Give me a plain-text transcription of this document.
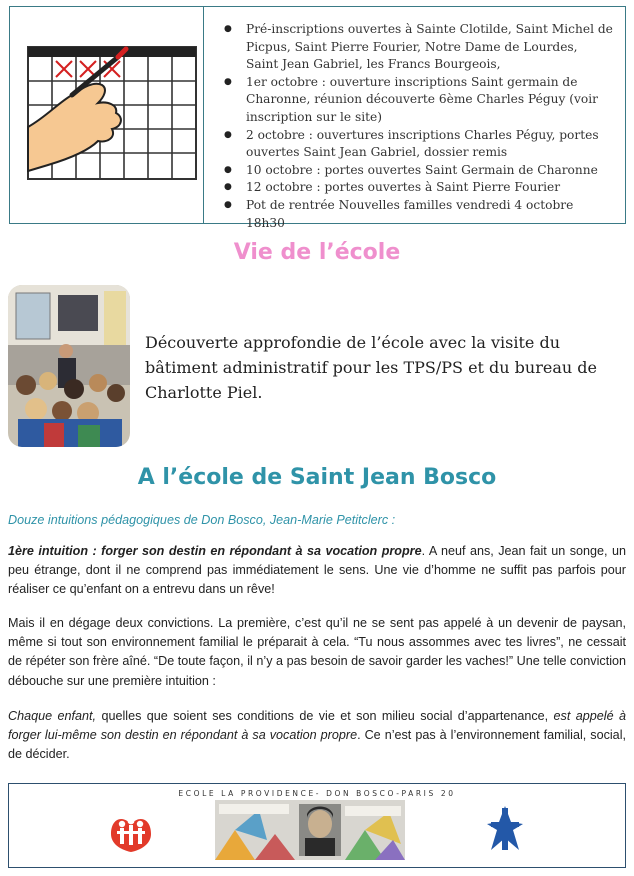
● Pré-inscriptions ouvertes à Sainte Clotilde, Saint Michel de Picpus, Saint Pierre Fourier, Notre Dame de Lourdes, Saint Jean Gabriel, les Francs Bourgeois,
● 1er octobre : ouverture inscriptions Saint germain de Charonne, réunion découverte 6ème Charles Péguy (voir inscription sur le site)
● 2 octobre : ouvertures inscriptions Charles Péguy, portes ouvertes Saint Jean Gabriel, dossier remis
● 10 octobre : portes ouvertes Saint Germain de Charonne
● 12 octobre : portes ouvertes à Saint Pierre Fourier
● Pot de rentrée Nouvelles familles vendredi 4 octobre 18h30
Vie de l’école
Découverte approfondie de l’école avec la visite du bâtiment administratif pour les TPS/PS et du bureau de Charlotte Piel.
A l’école de Saint Jean Bosco
Douze intuitions pédagogiques de Don Bosco, Jean-Marie Petitclerc :
1ère intuition : forger son destin en répondant à sa vocation propre. A neuf ans, Jean fait un songe, un peu étrange, dont il ne comprend pas immédiatement le sens. Une vie d’homme ne suffit pas parfois pour réaliser ce qu’enfant on a entrevu dans un rêve!
Mais il en dégage deux convictions. La première, c’est qu’il ne se sent pas appelé à un devenir de paysan, même si tout son environnement familial le préparait à cela. “Tu nous assommes avec tes livres”, ne cessait de répéter son frère aîné. “De toute façon, il n’y a pas besoin de savoir garder les vaches!” Une telle conviction débouche sur une première intuition :
Chaque enfant, quelles que soient ses conditions de vie et son milieu social d’appartenance, est appelé à forger lui-même son destin en répondant à sa vocation propre. Ce n’est pas à l’environnement familial, social, de décider.
ECOLE LA PROVIDENCE- DON BOSCO-PARIS 20
